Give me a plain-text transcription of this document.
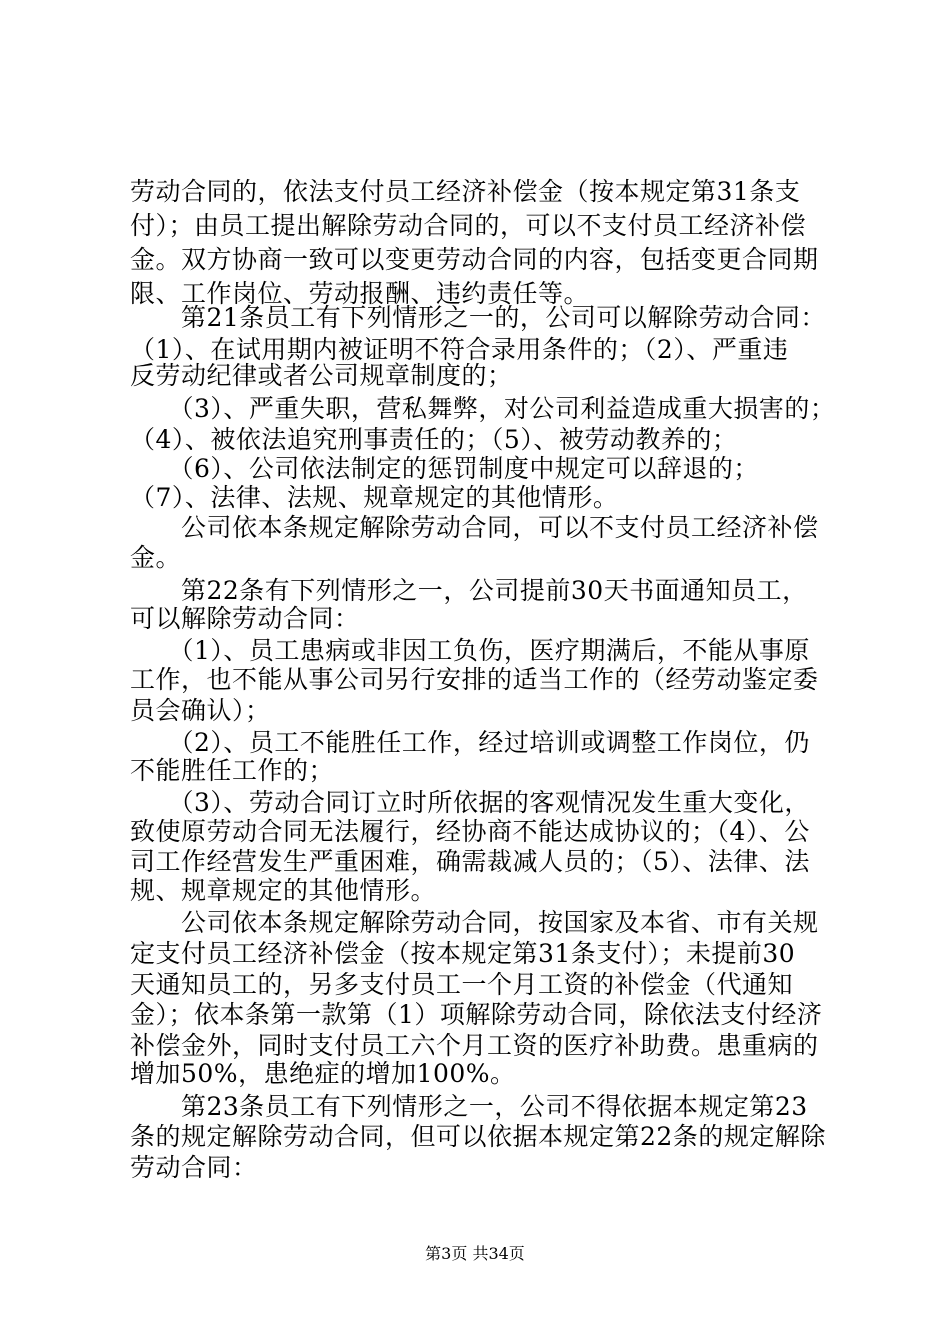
劳动合同的，依法支付员工经济补偿金（按本规定第31条支
付）；由员工提出解除劳动合同的，可以不支付员工经济补偿
金。双方协商一致可以变更劳动合同的内容，包括变更合同期
限、工作岗位、劳动报酬、违约责任等。
　　第21条员工有下列情形之一的，公司可以解除劳动合同：
（1）、在试用期内被证明不符合录用条件的；（2）、严重违
反劳动纪律或者公司规章制度的；
　　（3）、严重失职，营私舞弊，对公司利益造成重大损害的；
（4）、被依法追究刑事责任的；（5）、被劳动教养的；
　　（6）、公司依法制定的惩罚制度中规定可以辞退的；
（7）、法律、法规、规章规定的其他情形。
　　公司依本条规定解除劳动合同，可以不支付员工经济补偿
金。
　　第22条有下列情形之一，公司提前30天书面通知员工，
可以解除劳动合同：
　　（1）、员工患病或非因工负伤，医疗期满后，不能从事原
工作，也不能从事公司另行安排的适当工作的（经劳动鉴定委
员会确认）；
　　（2）、员工不能胜任工作，经过培训或调整工作岗位，仍
不能胜任工作的；
　　（3）、劳动合同订立时所依据的客观情况发生重大变化，
致使原劳动合同无法履行，经协商不能达成协议的；（4）、公
司工作经营发生严重困难，确需裁减人员的；（5）、法律、法
规、规章规定的其他情形。
　　公司依本条规定解除劳动合同，按国家及本省、市有关规
定支付员工经济补偿金（按本规定第31条支付）；未提前30
天通知员工的，另多支付员工一个月工资的补偿金（代通知
金）；依本条第一款第（1）项解除劳动合同，除依法支付经济
补偿金外，同时支付员工六个月工资的医疗补助费。患重病的
增加50%，患绝症的增加100%。
　　第23条员工有下列情形之一，公司不得依据本规定第23
条的规定解除劳动合同，但可以依据本规定第22条的规定解除
劳动合同：
第3页 共34页
